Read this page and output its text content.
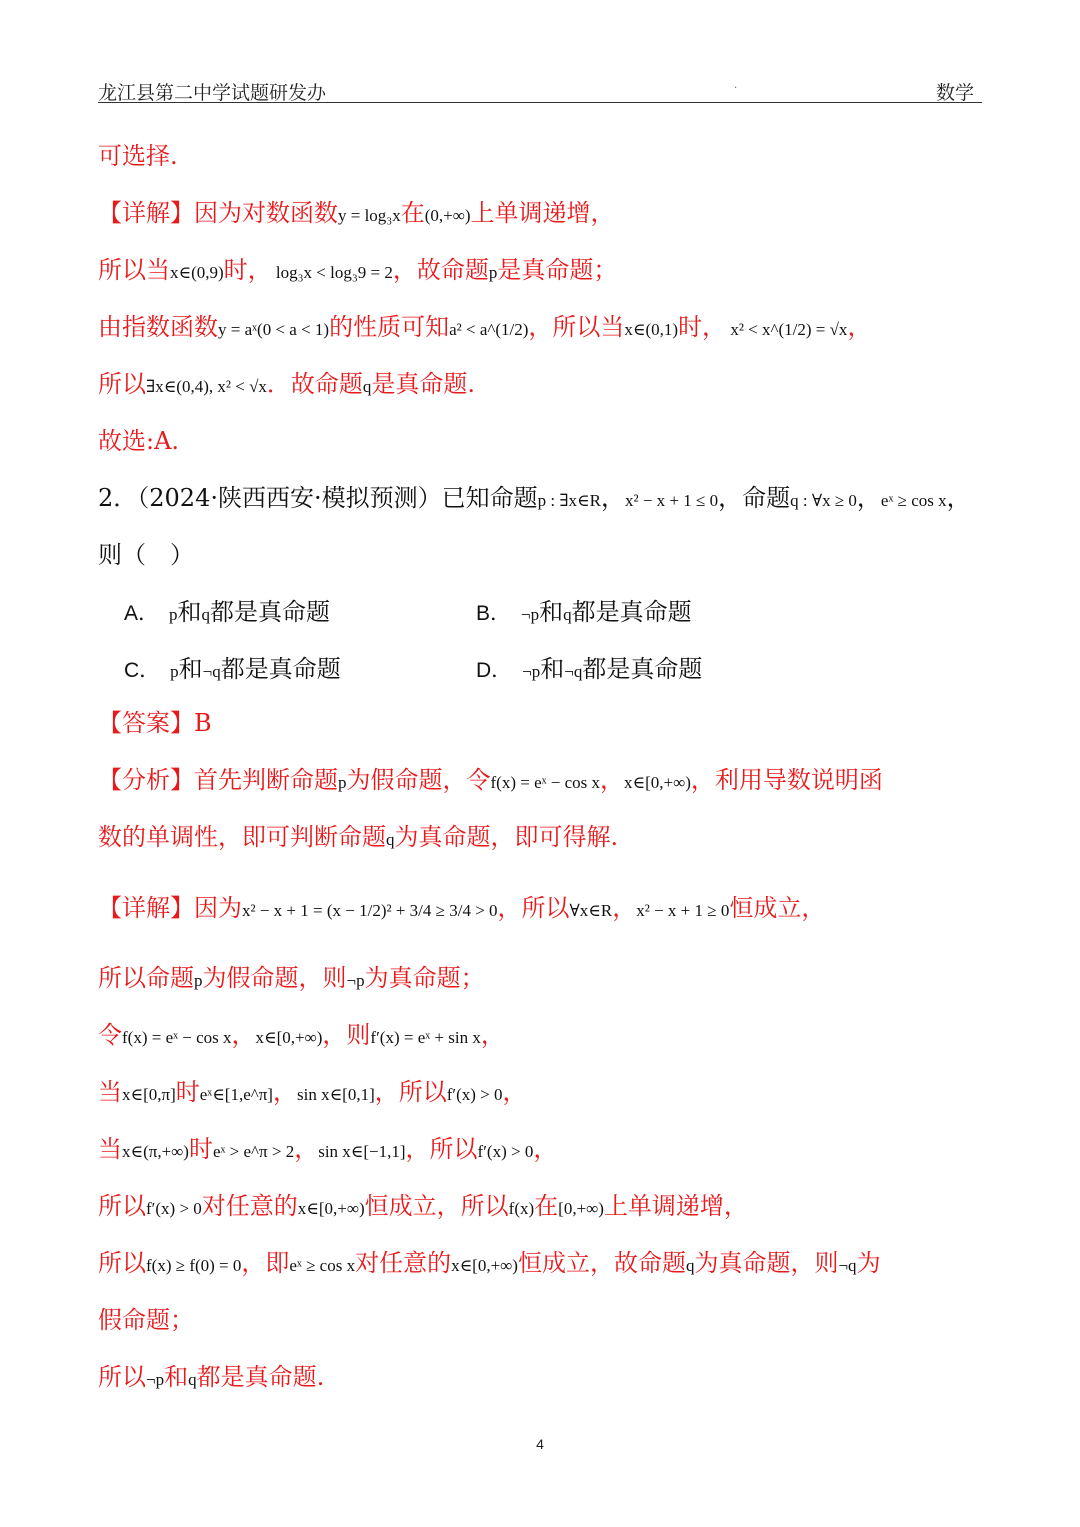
龙江县第二中学试题研发办	.	数学
可选择.
【详解】因为对数函数y = log₃x在(0,+∞)上单调递增，
所以当x∈(0,9)时， log₃x < log₃9 = 2，故命题p是真命题；
由指数函数y = aˣ(0 < a < 1)的性质可知a² < a^(1/2)，所以当x∈(0,1)时， x² < x^(1/2) = √x，
所以∃x∈(0,4), x² < √x．故命题q是真命题.
故选:A.
2．（2024·陕西西安·模拟预测）已知命题p : ∃x∈R，x² − x + 1 ≤ 0，命题q : ∀x ≥ 0，eˣ ≥ cos x，
则（　）
【答案】B
【分析】首先判断命题p为假命题，令f(x) = eˣ − cos x，x∈[0,+∞)，利用导数说明函
数的单调性，即可判断命题q为真命题，即可得解.
【详解】因为x² − x + 1 = (x − 1/2)² + 3/4 ≥ 3/4 > 0，所以∀x∈R，x² − x + 1 ≥ 0恒成立，
所以命题p为假命题，则¬p为真命题；
令f(x) = eˣ − cos x，x∈[0,+∞)，则f′(x) = eˣ + sin x，
当x∈[0,π]时eˣ∈[1,e^π]，sin x∈[0,1]，所以f′(x) > 0，
当x∈(π,+∞)时eˣ > e^π > 2，sin x∈[−1,1]，所以f′(x) > 0，
所以f′(x) > 0对任意的x∈[0,+∞)恒成立，所以f(x)在[0,+∞)上单调递增，
所以f(x) ≥ f(0) = 0，即eˣ ≥ cos x对任意的x∈[0,+∞)恒成立，故命题q为真命题，则¬q为
假命题；
所以¬p和q都是真命题.
A． p和q都是真命题	B． ¬p和q都是真命题
C． p和¬q都是真命题	D． ¬p和¬q都是真命题
4
